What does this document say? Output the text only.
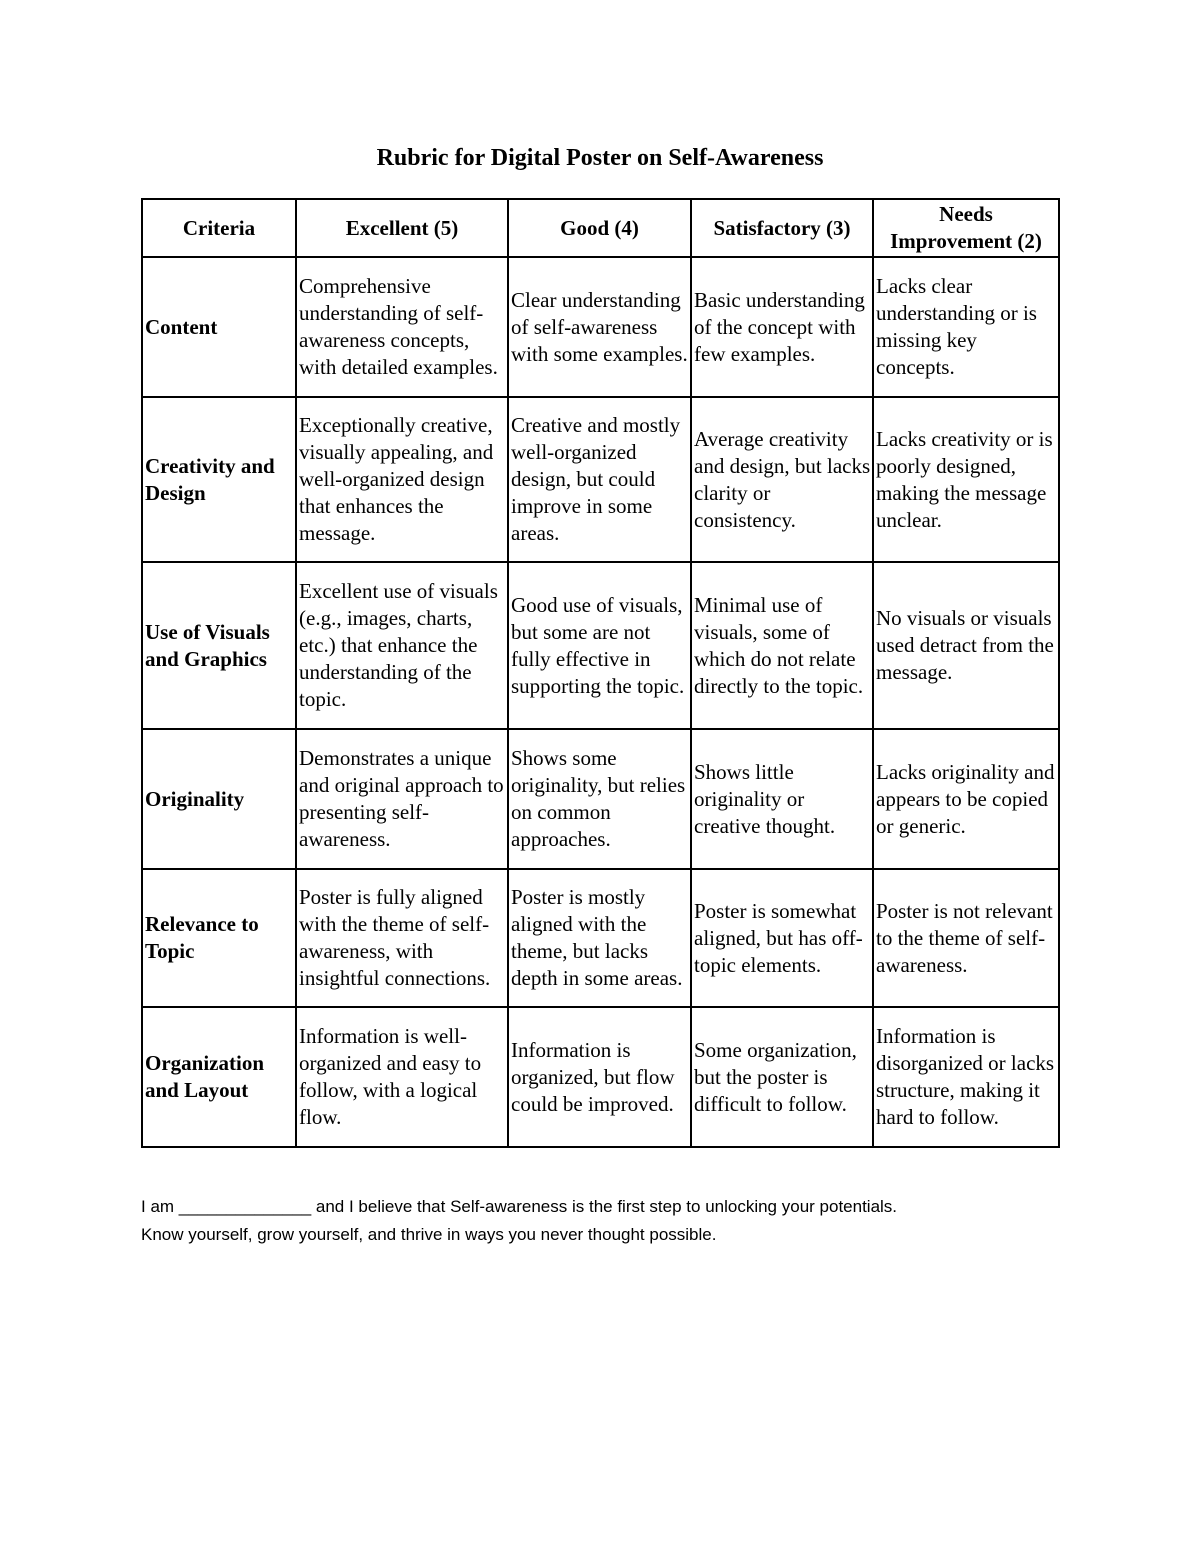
Rubric for Digital Poster on Self-Awareness
Criteria	Excellent (5)	Good (4)	Satisfactory (3)	Needs Improvement (2)
Content	Comprehensive understanding of self-awareness concepts, with detailed examples.	Clear understanding of self-awareness with some examples.	Basic understanding of the concept with few examples.	Lacks clear understanding or is missing key concepts.
Creativity and Design	Exceptionally creative, visually appealing, and well-organized design that enhances the message.	Creative and mostly well-organized design, but could improve in some areas.	Average creativity and design, but lacks clarity or consistency.	Lacks creativity or is poorly designed, making the message unclear.
Use of Visuals and Graphics	Excellent use of visuals (e.g., images, charts, etc.) that enhance the understanding of the topic.	Good use of visuals, but some are not fully effective in supporting the topic.	Minimal use of visuals, some of which do not relate directly to the topic.	No visuals or visuals used detract from the message.
Originality	Demonstrates a unique and original approach to presenting self-awareness.	Shows some originality, but relies on common approaches.	Shows little originality or creative thought.	Lacks originality and appears to be copied or generic.
Relevance to Topic	Poster is fully aligned with the theme of self-awareness, with insightful connections.	Poster is mostly aligned with the theme, but lacks depth in some areas.	Poster is somewhat aligned, but has off-topic elements.	Poster is not relevant to the theme of self-awareness.
Organization and Layout	Information is well-organized and easy to follow, with a logical flow.	Information is organized, but flow could be improved.	Some organization, but the poster is difficult to follow.	Information is disorganized or lacks structure, making it hard to follow.

I am ______________ and I believe that Self-awareness is the first step to unlocking your potentials.

Know yourself, grow yourself, and thrive in ways you never thought possible.
